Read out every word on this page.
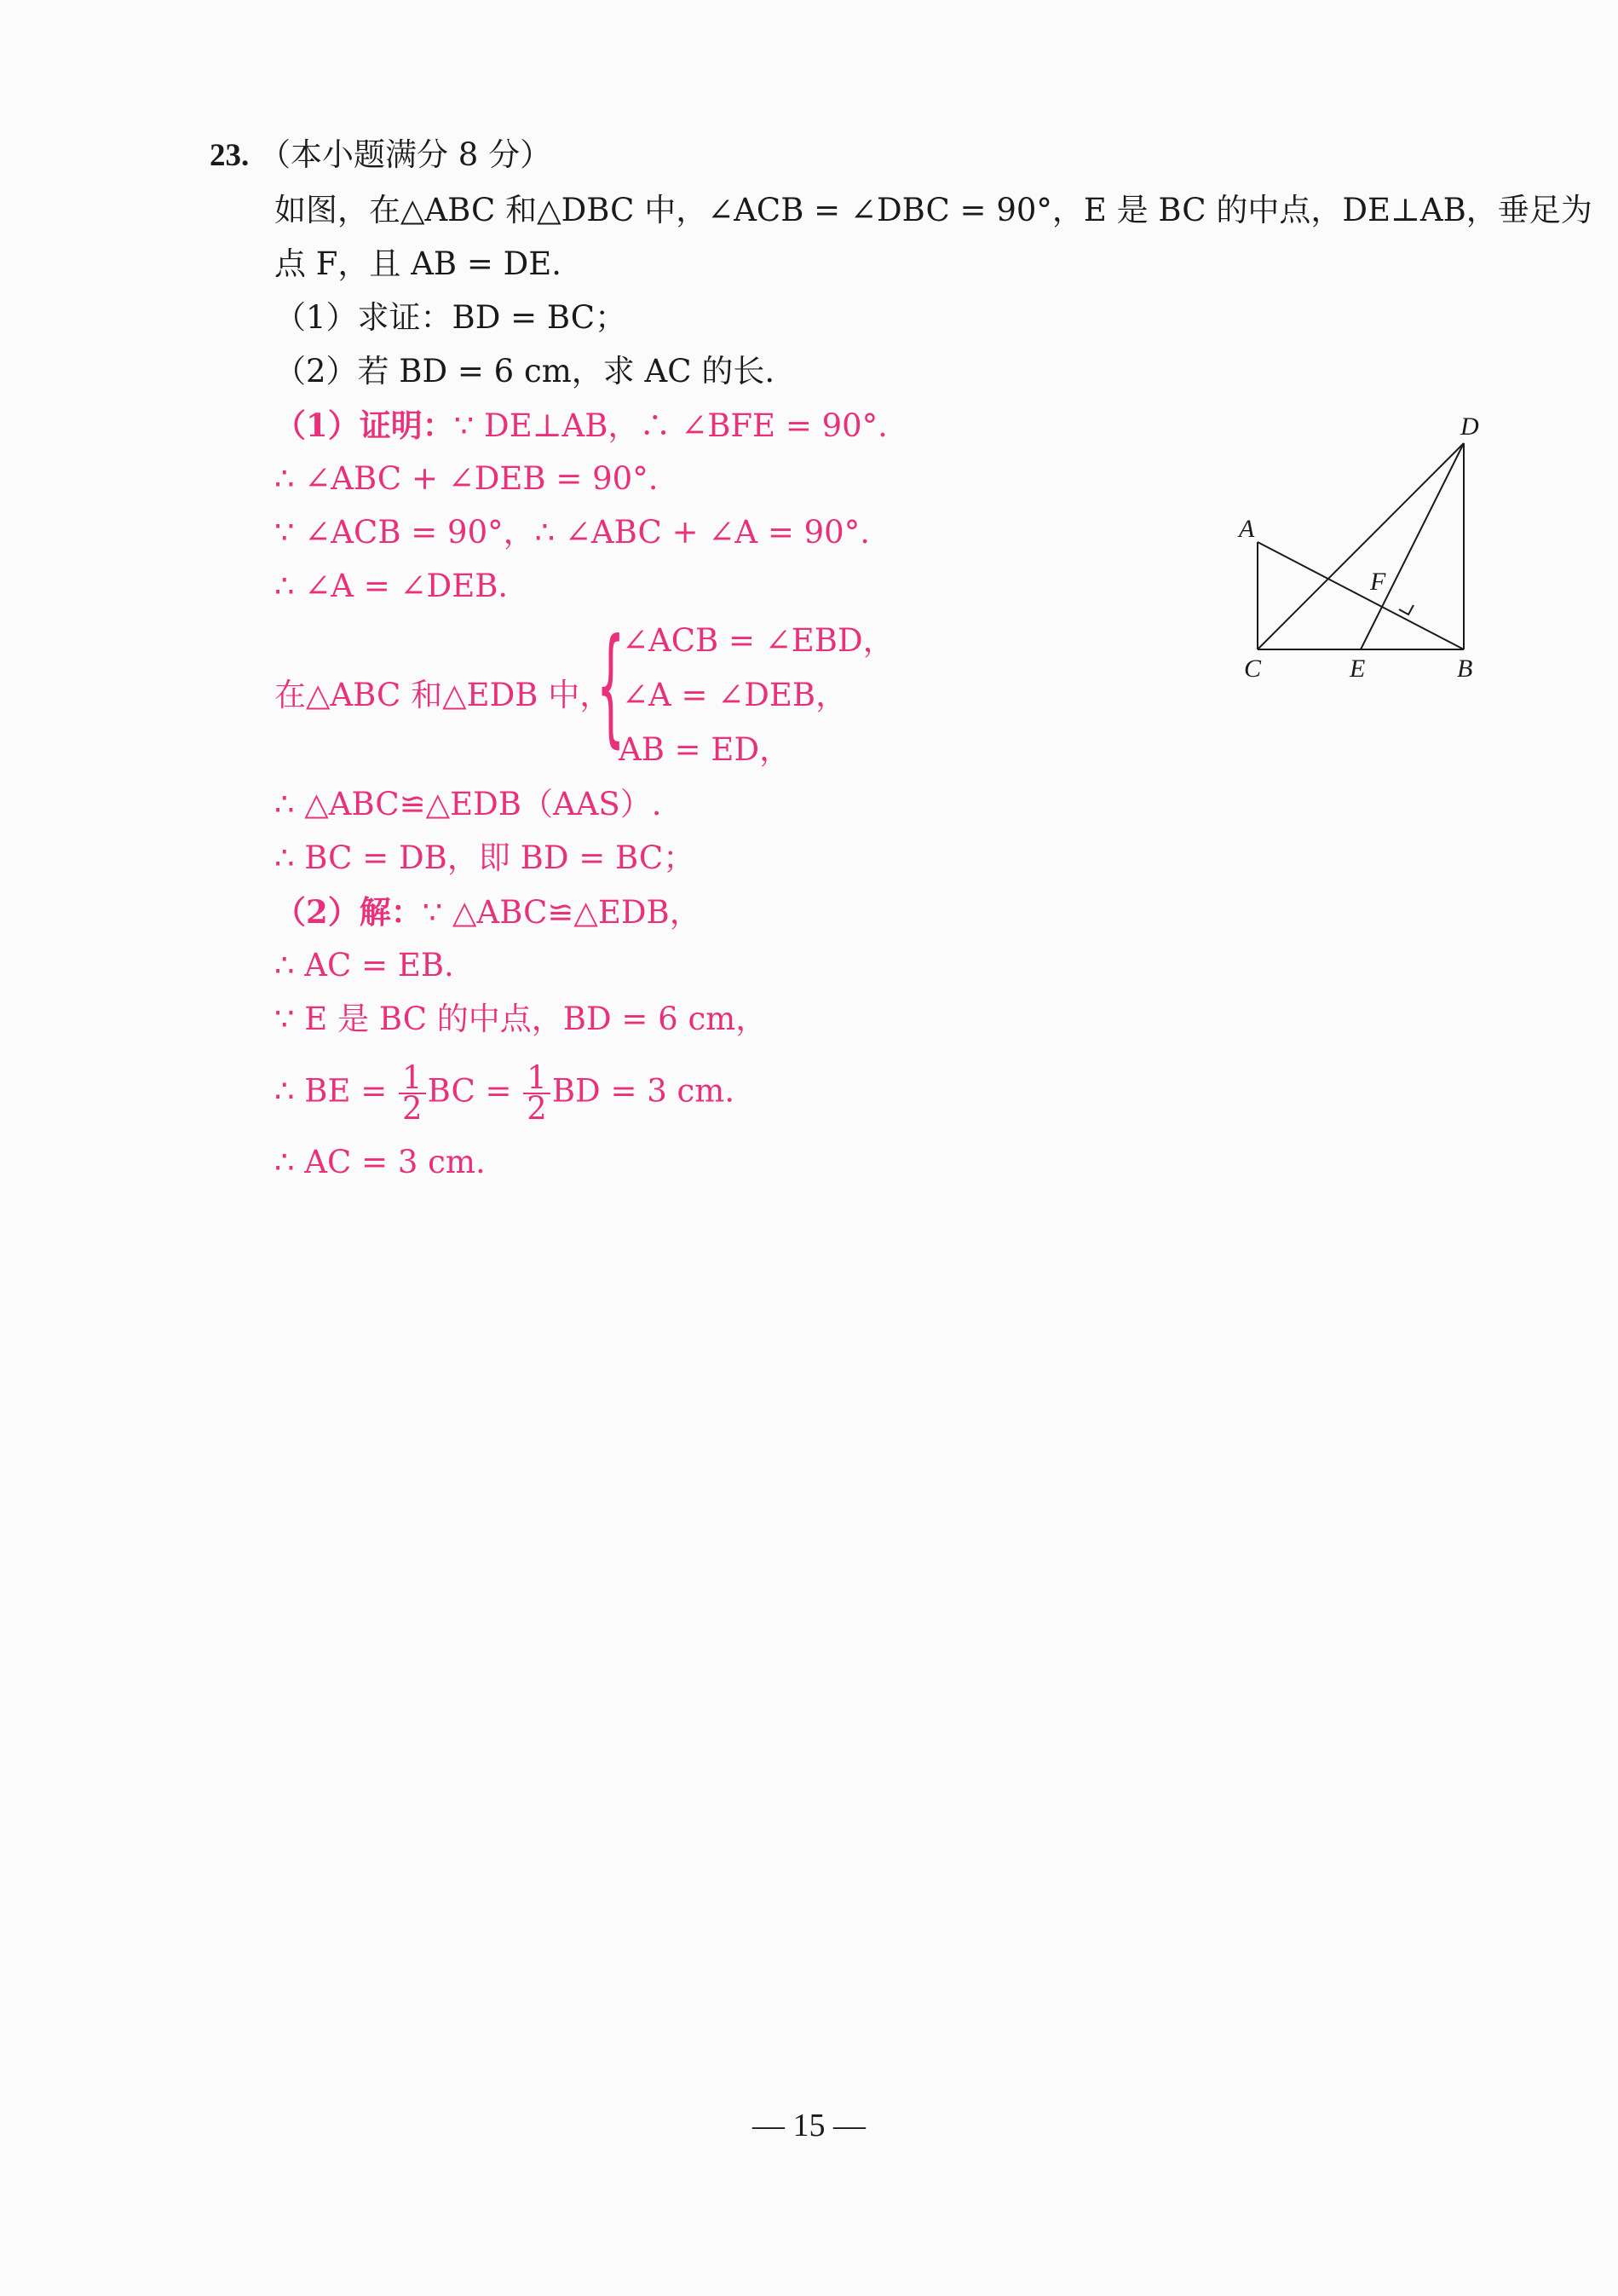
23. （本小题满分 8 分）
如图，在△ABC 和△DBC 中，∠ACB = ∠DBC = 90°，E 是 BC 的中点，DE⊥AB，垂足为
点 F，且 AB = DE.
（1）求证：BD = BC；
（2）若 BD = 6 cm，求 AC 的长.
（1）证明：∵ DE⊥AB，∴ ∠BFE = 90°.
∴ ∠ABC + ∠DEB = 90°.
∵ ∠ACB = 90°，∴ ∠ABC + ∠A = 90°.
∴ ∠A = ∠DEB.
在△ABC 和△EDB 中，
{
∠ACB = ∠EBD，
∠A = ∠DEB，
AB = ED，
∴ △ABC≌△EDB（AAS）.
∴ BC = DB，即 BD = BC；
（2）解：∵ △ABC≌△EDB，
∴ AC = EB.
∵ E 是 BC 的中点，BD = 6 cm，
∴ BE = $\frac{1}{2}$ BC = $\frac{1}{2}$ BD = 3 cm.
∴ AC = 3 cm.
A
C	E	B
D
F
— 15 —
